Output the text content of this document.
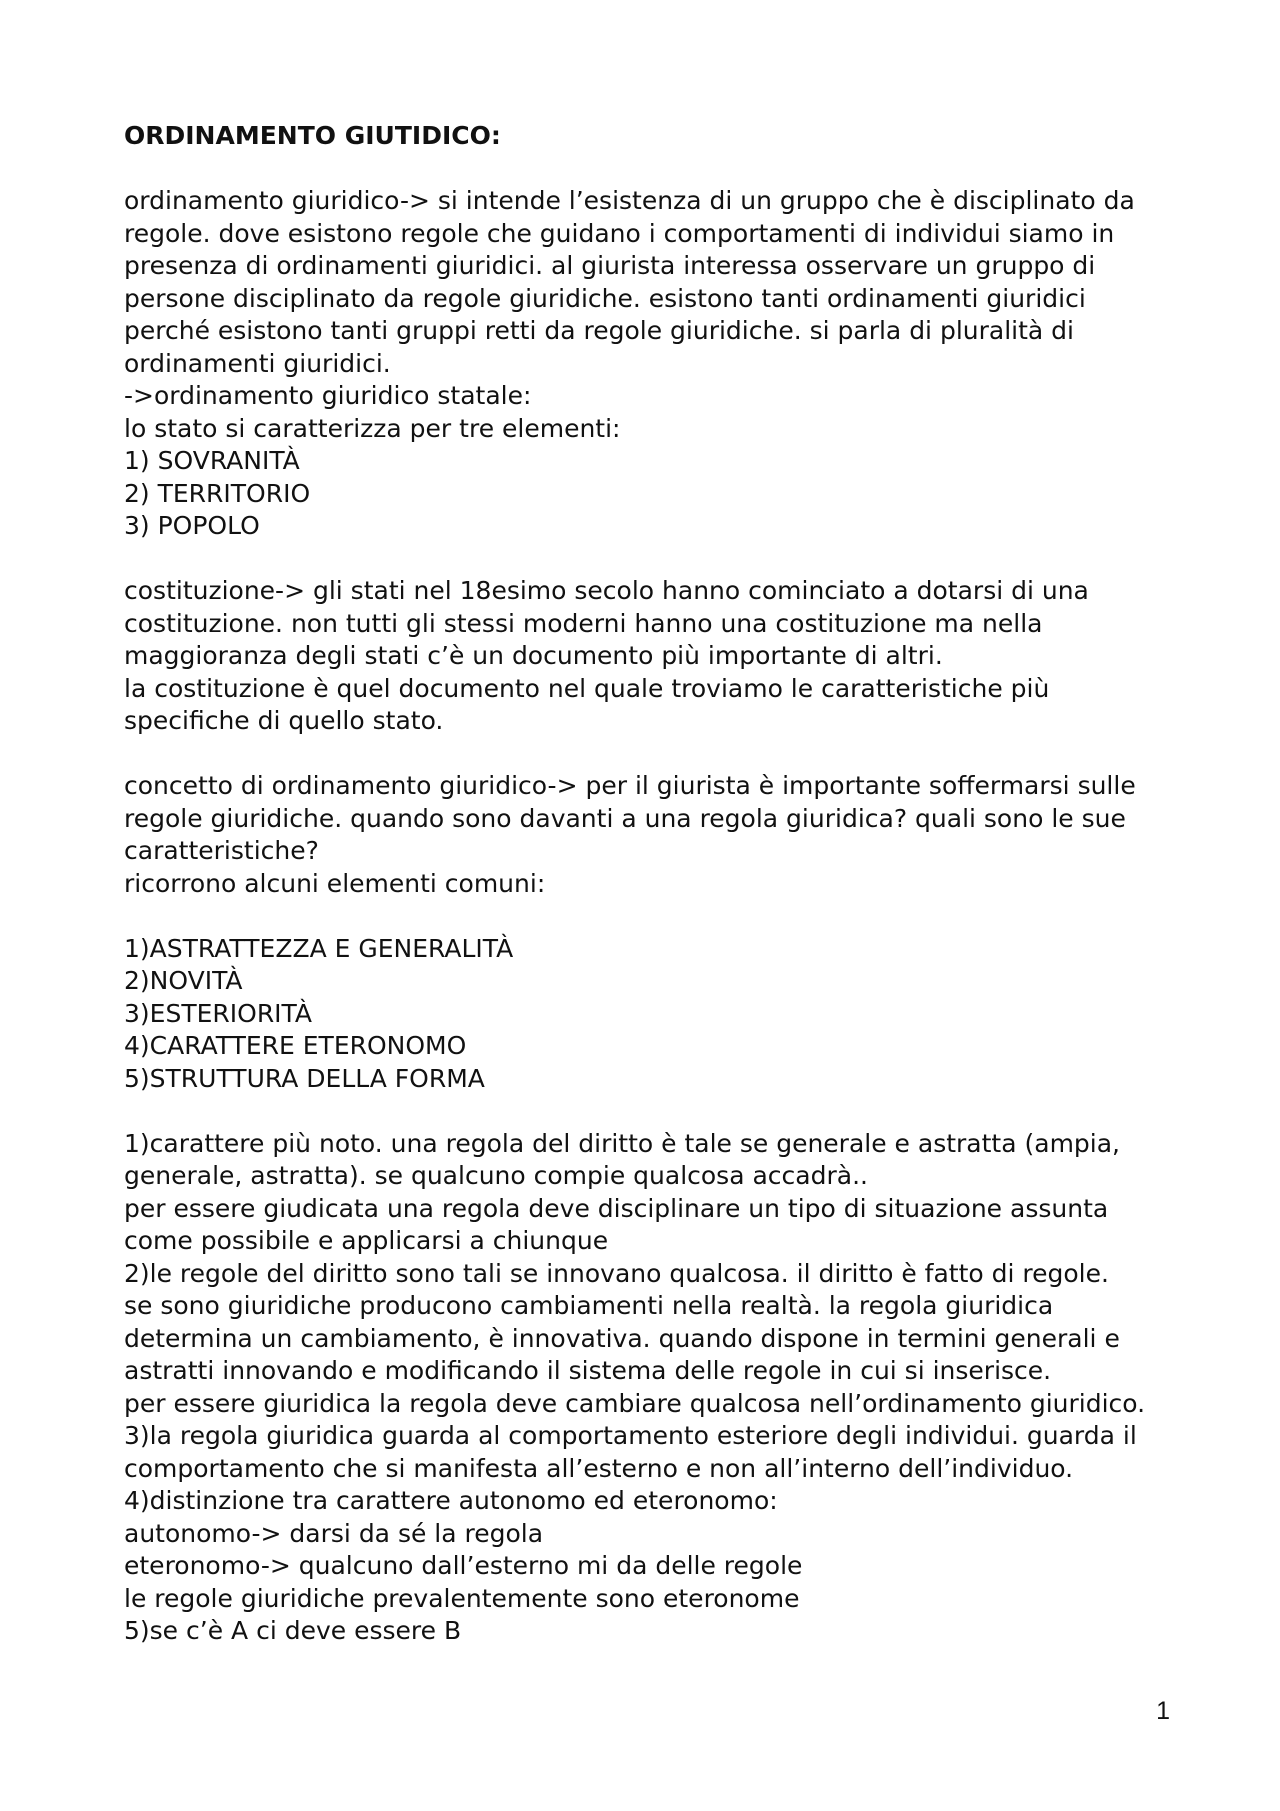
ORDINAMENTO GIUTIDICO:
ordinamento giuridico-> si intende l’esistenza di un gruppo che è disciplinato da
regole. dove esistono regole che guidano i comportamenti di individui siamo in
presenza di ordinamenti giuridici. al giurista interessa osservare un gruppo di
persone disciplinato da regole giuridiche. esistono tanti ordinamenti giuridici
perché esistono tanti gruppi retti da regole giuridiche. si parla di pluralità di
ordinamenti giuridici.
->ordinamento giuridico statale:
lo stato si caratterizza per tre elementi:
1) SOVRANITÀ
2) TERRITORIO
3) POPOLO
costituzione-> gli stati nel 18esimo secolo hanno cominciato a dotarsi di una
costituzione. non tutti gli stessi moderni hanno una costituzione ma nella
maggioranza degli stati c’è un documento più importante di altri.
la costituzione è quel documento nel quale troviamo le caratteristiche più
specifiche di quello stato.
concetto di ordinamento giuridico-> per il giurista è importante soffermarsi sulle
regole giuridiche. quando sono davanti a una regola giuridica? quali sono le sue
caratteristiche?
ricorrono alcuni elementi comuni:
1)ASTRATTEZZA E GENERALITÀ
2)NOVITÀ
3)ESTERIORITÀ
4)CARATTERE ETERONOMO
5)STRUTTURA DELLA FORMA
1)carattere più noto. una regola del diritto è tale se generale e astratta (ampia,
generale, astratta). se qualcuno compie qualcosa accadrà..
per essere giudicata una regola deve disciplinare un tipo di situazione assunta
come possibile e applicarsi a chiunque
2)le regole del diritto sono tali se innovano qualcosa. il diritto è fatto di regole.
se sono giuridiche producono cambiamenti nella realtà. la regola giuridica
determina un cambiamento, è innovativa. quando dispone in termini generali e
astratti innovando e modificando il sistema delle regole in cui si inserisce.
per essere giuridica la regola deve cambiare qualcosa nell’ordinamento giuridico.
3)la regola giuridica guarda al comportamento esteriore degli individui. guarda il
comportamento che si manifesta all’esterno e non all’interno dell’individuo.
4)distinzione tra carattere autonomo ed eteronomo:
autonomo-> darsi da sé la regola
eteronomo-> qualcuno dall’esterno mi da delle regole
le regole giuridiche prevalentemente sono eteronome
5)se c’è A ci deve essere B
1
